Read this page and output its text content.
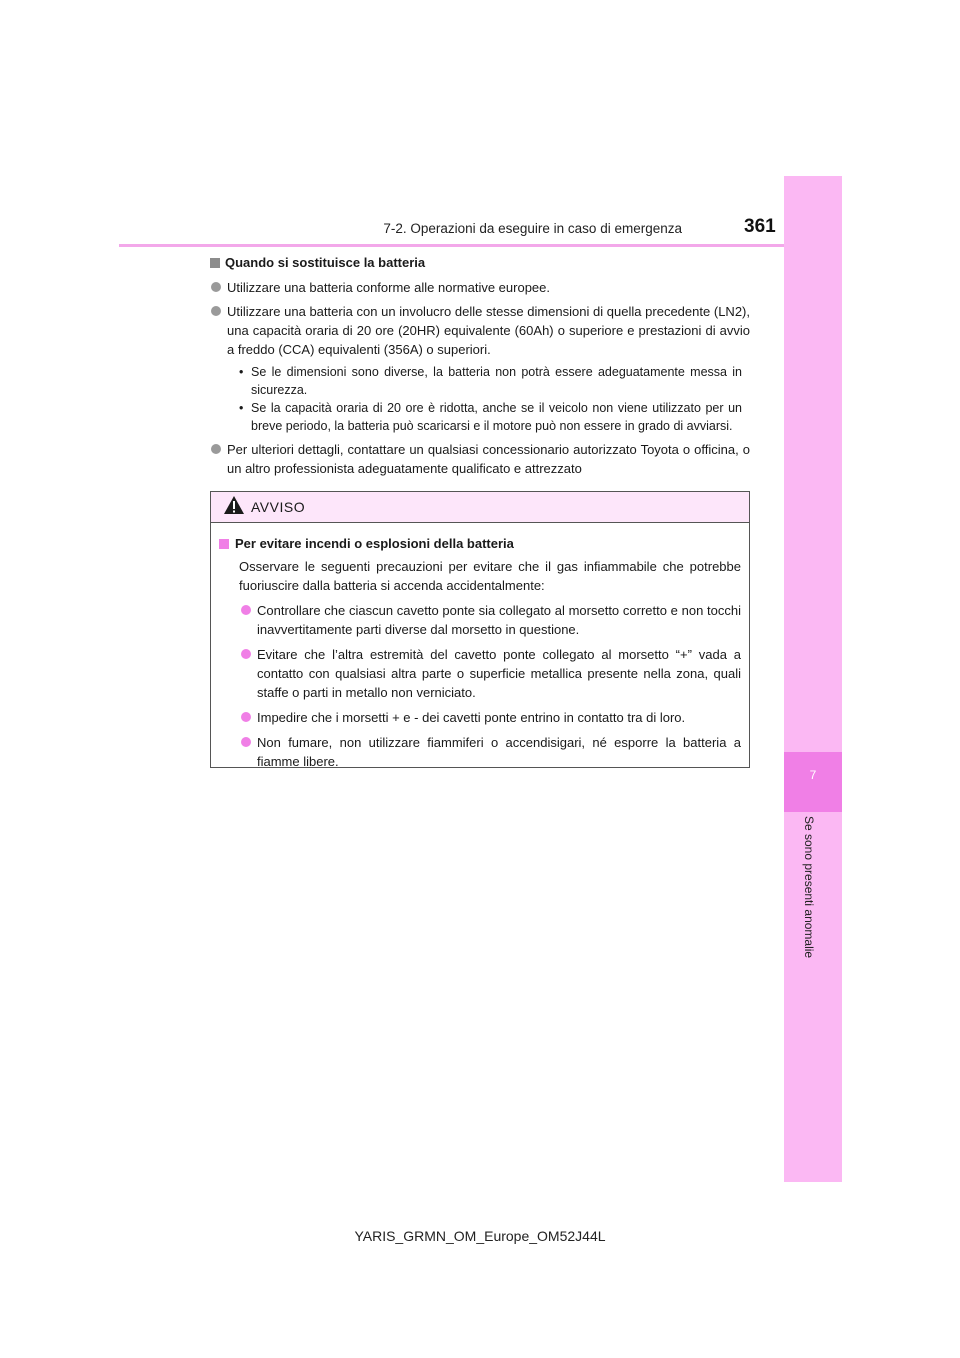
7-2. Operazioni da eseguire in caso di emergenza	361
7
Se sono presenti anomalie
Quando si sostituisce la batteria
Utilizzare una batteria conforme alle normative europee.
Utilizzare una batteria con un involucro delle stesse dimensioni di quella precedente (LN2), una capacità oraria di 20 ore (20HR) equivalente (60Ah) o superiore e prestazioni di avvio a freddo (CCA) equivalenti (356A) o superiori.
• Se le dimensioni sono diverse, la batteria non potrà essere adeguatamente messa in sicurezza.
• Se la capacità oraria di 20 ore è ridotta, anche se il veicolo non viene utilizzato per un breve periodo, la batteria può scaricarsi e il motore può non essere in grado di avviarsi.
Per ulteriori dettagli, contattare un qualsiasi concessionario autorizzato Toyota o officina, o un altro professionista adeguatamente qualificato e attrezzato
AVVISO
Per evitare incendi o esplosioni della batteria
Osservare le seguenti precauzioni per evitare che il gas infiammabile che potrebbe fuoriuscire dalla batteria si accenda accidentalmente:
Controllare che ciascun cavetto ponte sia collegato al morsetto corretto e non tocchi inavvertitamente parti diverse dal morsetto in questione.
Evitare che l’altra estremità del cavetto ponte collegato al morsetto “+” vada a contatto con qualsiasi altra parte o superficie metallica presente nella zona, quali staffe o parti in metallo non verniciato.
Impedire che i morsetti + e - dei cavetti ponte entrino in contatto tra di loro.
Non fumare, non utilizzare fiammiferi o accendisigari, né esporre la batteria a fiamme libere.
YARIS_GRMN_OM_Europe_OM52J44L
